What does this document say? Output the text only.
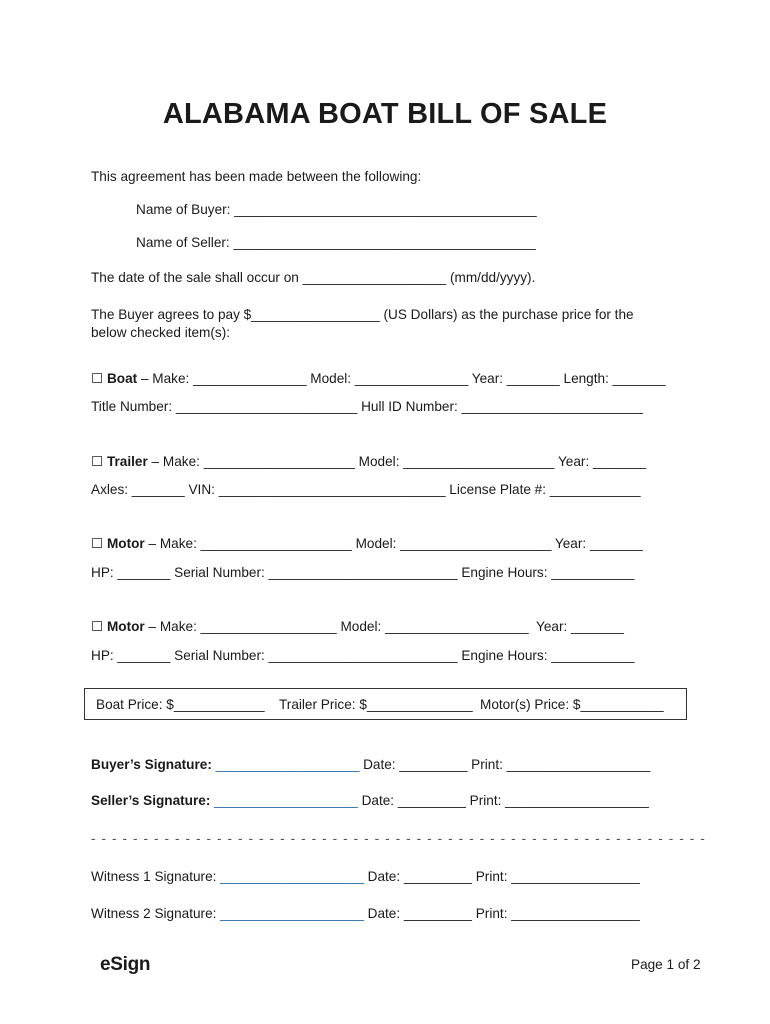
ALABAMA BOAT BILL OF SALE
This agreement has been made between the following:
Name of Buyer: ________________________________________
Name of Seller: ________________________________________
The date of the sale shall occur on ___________________ (mm/dd/yyyy).
The Buyer agrees to pay $_________________ (US Dollars) as the purchase price for the
below checked item(s):
☐ Boat – Make: _______________ Model: _______________ Year: _______ Length: _______
Title Number: ________________________ Hull ID Number: ________________________
☐ Trailer – Make: ____________________ Model: ____________________ Year: _______
Axles: _______ VIN: ______________________________ License Plate #: ____________
☐ Motor – Make: ____________________ Model: ____________________ Year: _______
HP: _______ Serial Number: _________________________ Engine Hours: ___________
☐ Motor – Make: __________________ Model: ___________________  Year: _______
HP: _______ Serial Number: _________________________ Engine Hours: ___________
Boat Price: $____________ Trailer Price: $______________ Motor(s) Price: $___________
Buyer’s Signature: ___________________ Date: _________ Print: ___________________
Seller’s Signature: ___________________ Date: _________ Print: ___________________
- - - - - - - - - - - - - - - - - - - - - - - - - - - - - - - - - - - - - - - - - - - - - - - - - - - - - - - - - - -
Witness 1 Signature: ___________________ Date: _________ Print: _________________
Witness 2 Signature: ___________________ Date: _________ Print: _________________
eSign	Page 1 of 2
